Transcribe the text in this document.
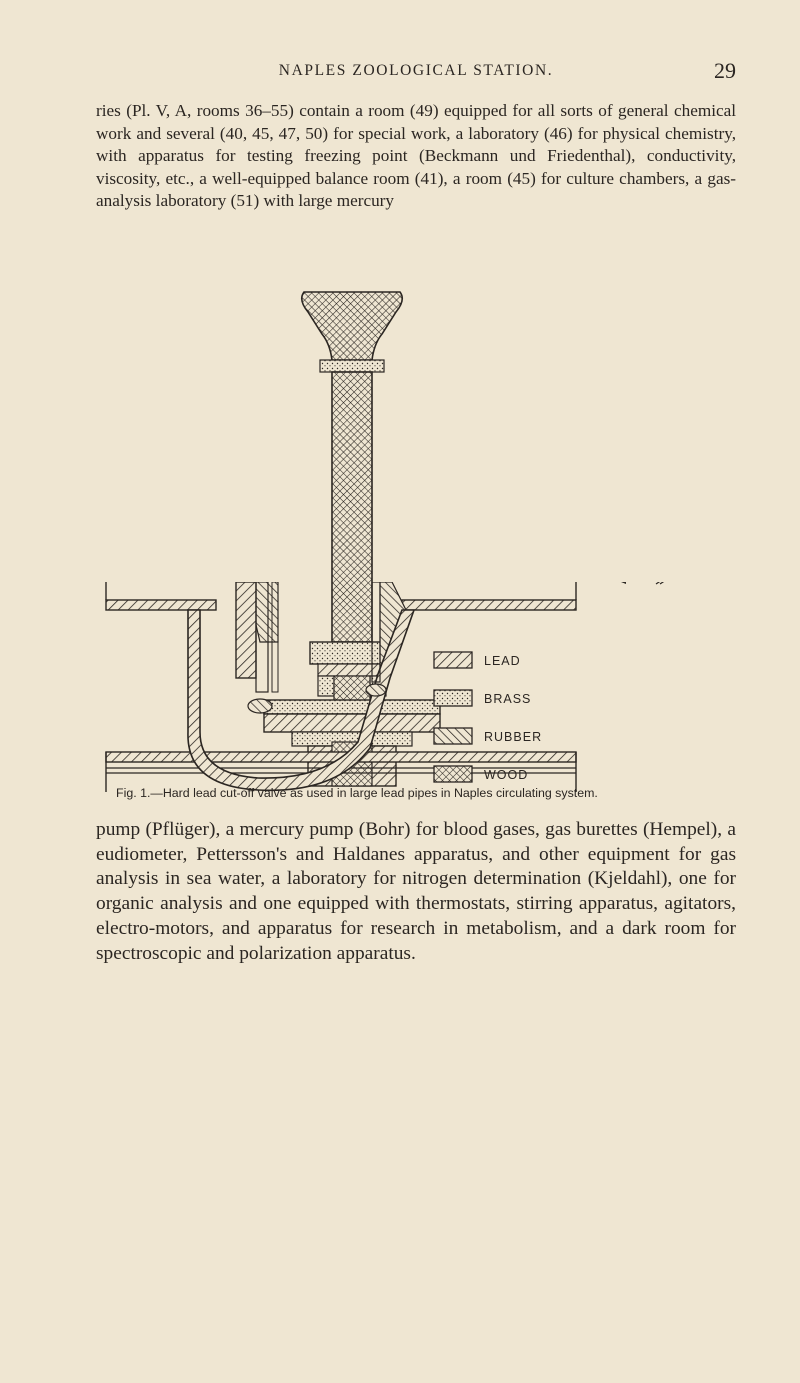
NAPLES ZOOLOGICAL STATION.	29

ries (Pl. V, A, rooms 36–55) contain a room (49) equipped for all sorts of general chemical work and several (40, 45, 47, 50) for special work, a laboratory (46) for physical chemistry, with apparatus for testing freezing point (Beckmann und Friedenthal), conductivity, viscosity, etc., a well-equipped balance room (41), a room (45) for culture chambers, a gas-analysis laboratory (51) with large mercury

LEAD
BRASS
RUBBER
WOOD
Fig. 1.—Hard lead cut-off valve as used in large lead pipes in Naples circulating system.

pump (Pflüger), a mercury pump (Bohr) for blood gases, gas burettes (Hempel), a eudiometer, Pettersson's and Haldanes apparatus, and other equipment for gas analysis in sea water, a laboratory for nitrogen determination (Kjeldahl), one for organic analysis and one equipped with thermostats, stirring apparatus, agitators, electro-motors, and apparatus for research in metabolism, and a dark room for spectroscopic and polarization apparatus.
